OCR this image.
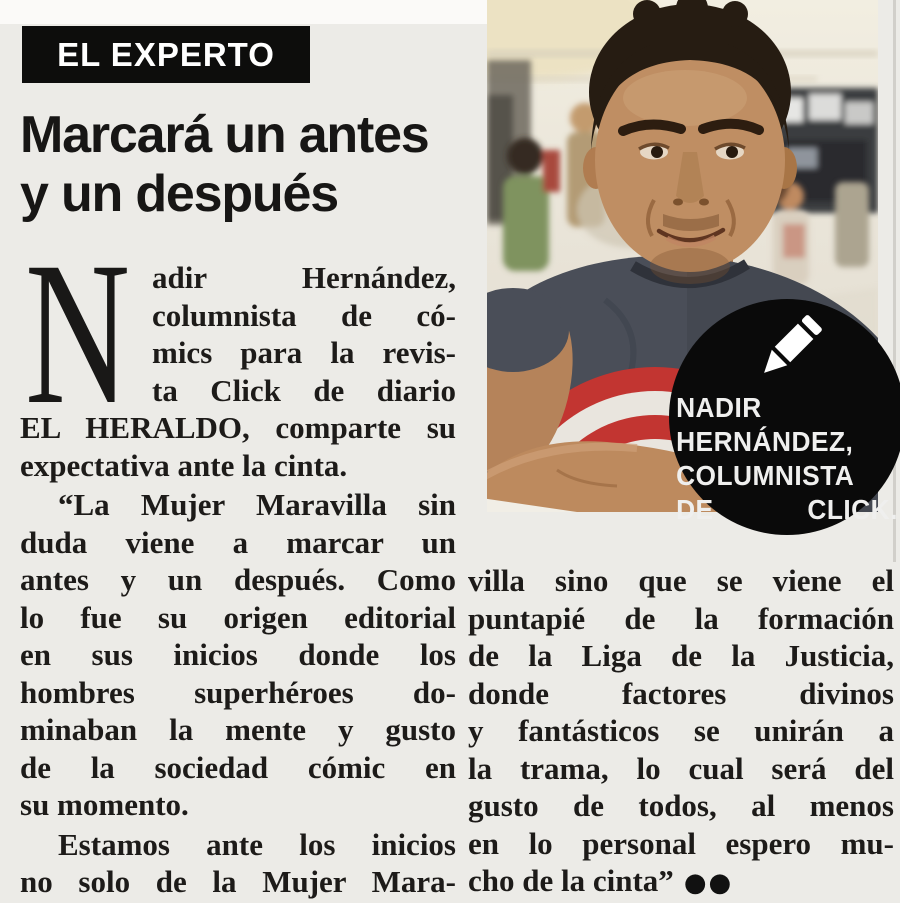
EL EXPERTO
Marcará un antes
y un después
NADIR
HERNÁNDEZ,
COLUMNISTA
DE CLICK.
N adir Hernández,
columnista de có-
mics para la revis-
ta Click de diario
EL HERALDO, comparte su
expectativa ante la cinta.
“La Mujer Maravilla sin
duda viene a marcar un
antes y un después. Como
lo fue su origen editorial
en sus inicios donde los
hombres superhéroes do-
minaban la mente y gusto
de la sociedad cómic en
su momento.
Estamos ante los inicios
no solo de la Mujer Mara-
villa sino que se viene el
puntapié de la formación
de la Liga de la Justicia,
donde factores divinos
y fantásticos se unirán a
la trama, lo cual será del
gusto de todos, al menos
en lo personal espero mu-
cho de la cinta” ●●
